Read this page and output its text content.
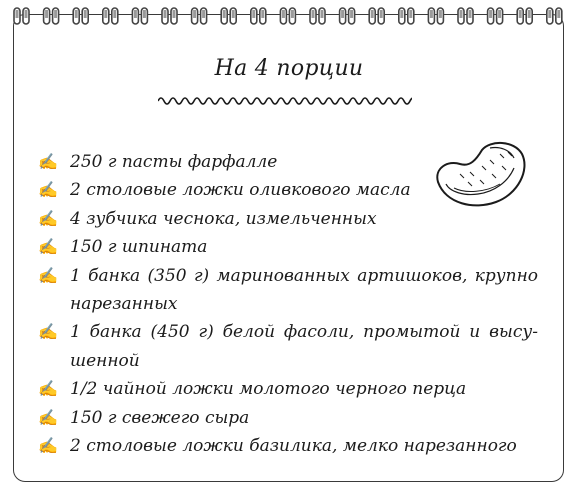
На 4 порции
✍ 250 г пасты фарфалле
✍ 2 столовые ложки оливкового масла
✍ 4 зубчика чеснока, измельченных
✍ 150 г шпината
✍ 1 банка (350 г) маринованных артишоков, крупно нарезанных
✍ 1 банка (450 г) белой фасоли, промытой и высу-шенной
✍ 1/2 чайной ложки молотого черного перца
✍ 150 г свежего сыра
✍ 2 столовые ложки базилика, мелко нарезанного
